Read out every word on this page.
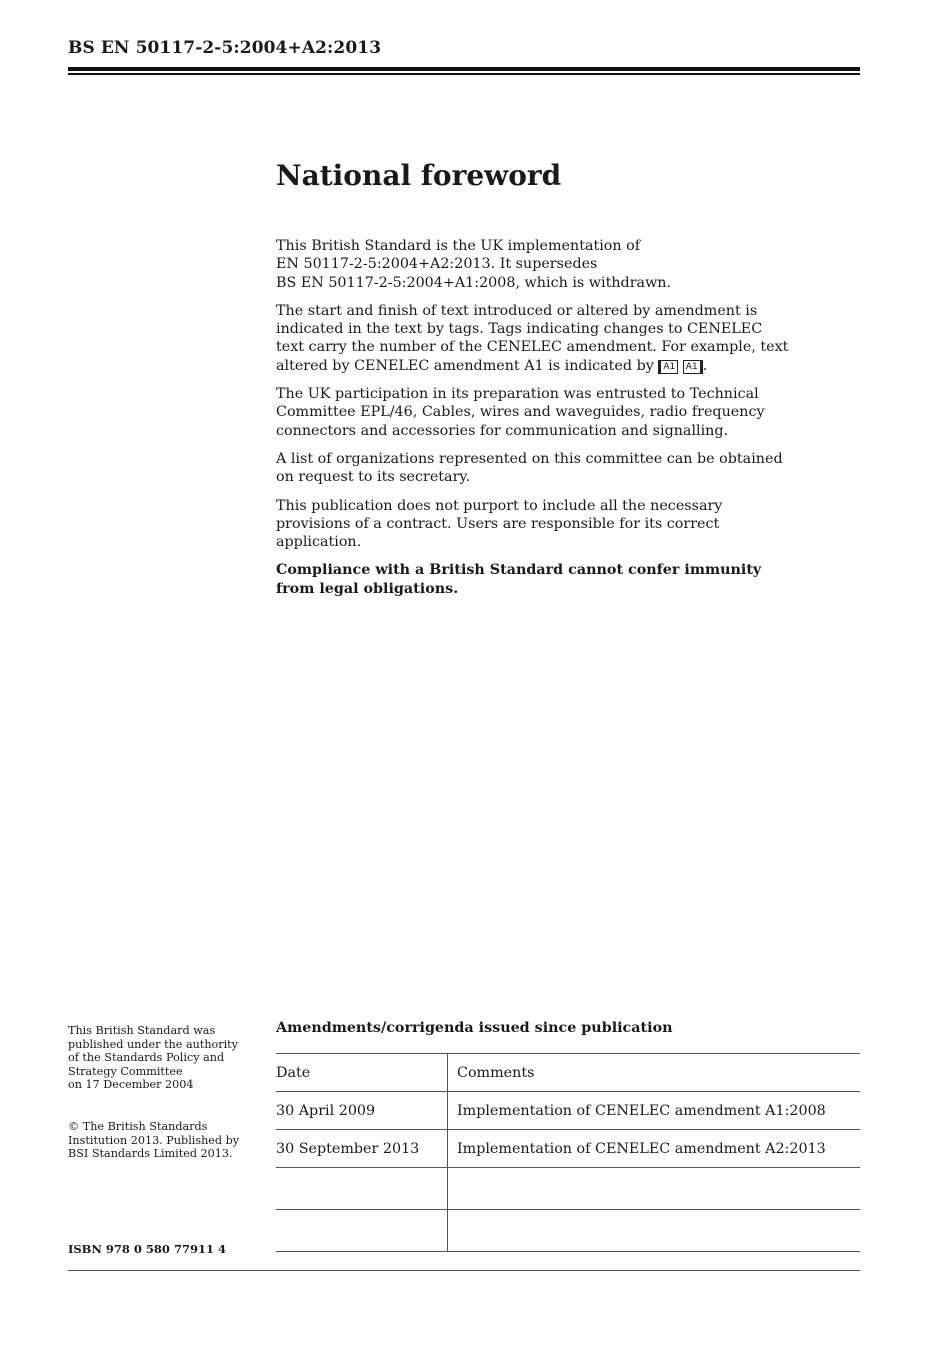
BS EN 50117-2-5:2004+A2:2013
National foreword

This British Standard is the UK implementation of
EN 50117-2-5:2004+A2:2013. It supersedes
BS EN 50117-2-5:2004+A1:2008, which is withdrawn.

The start and finish of text introduced or altered by amendment is
indicated in the text by tags. Tags indicating changes to CENELEC
text carry the number of the CENELEC amendment. For example, text
altered by CENELEC amendment A1 is indicated by A1 A1 .

The UK participation in its preparation was entrusted to Technical
Committee EPL/46, Cables, wires and waveguides, radio frequency
connectors and accessories for communication and signalling.

A list of organizations represented on this committee can be obtained
on request to its secretary.

This publication does not purport to include all the necessary
provisions of a contract. Users are responsible for its correct
application.

Compliance with a British Standard cannot confer immunity
from legal obligations.

This British Standard was

published under the authority

of the Standards Policy and

Strategy Committee

on 17 December 2004

© The British Standards

Institution 2013. Published by

BSI Standards Limited 2013.

ISBN 978 0 580 77911 4
Amendments/corrigenda issued since publication
Date	Comments
30 April 2009	Implementation of CENELEC amendment A1:2008
30 September 2013	Implementation of CENELEC amendment A2:2013
